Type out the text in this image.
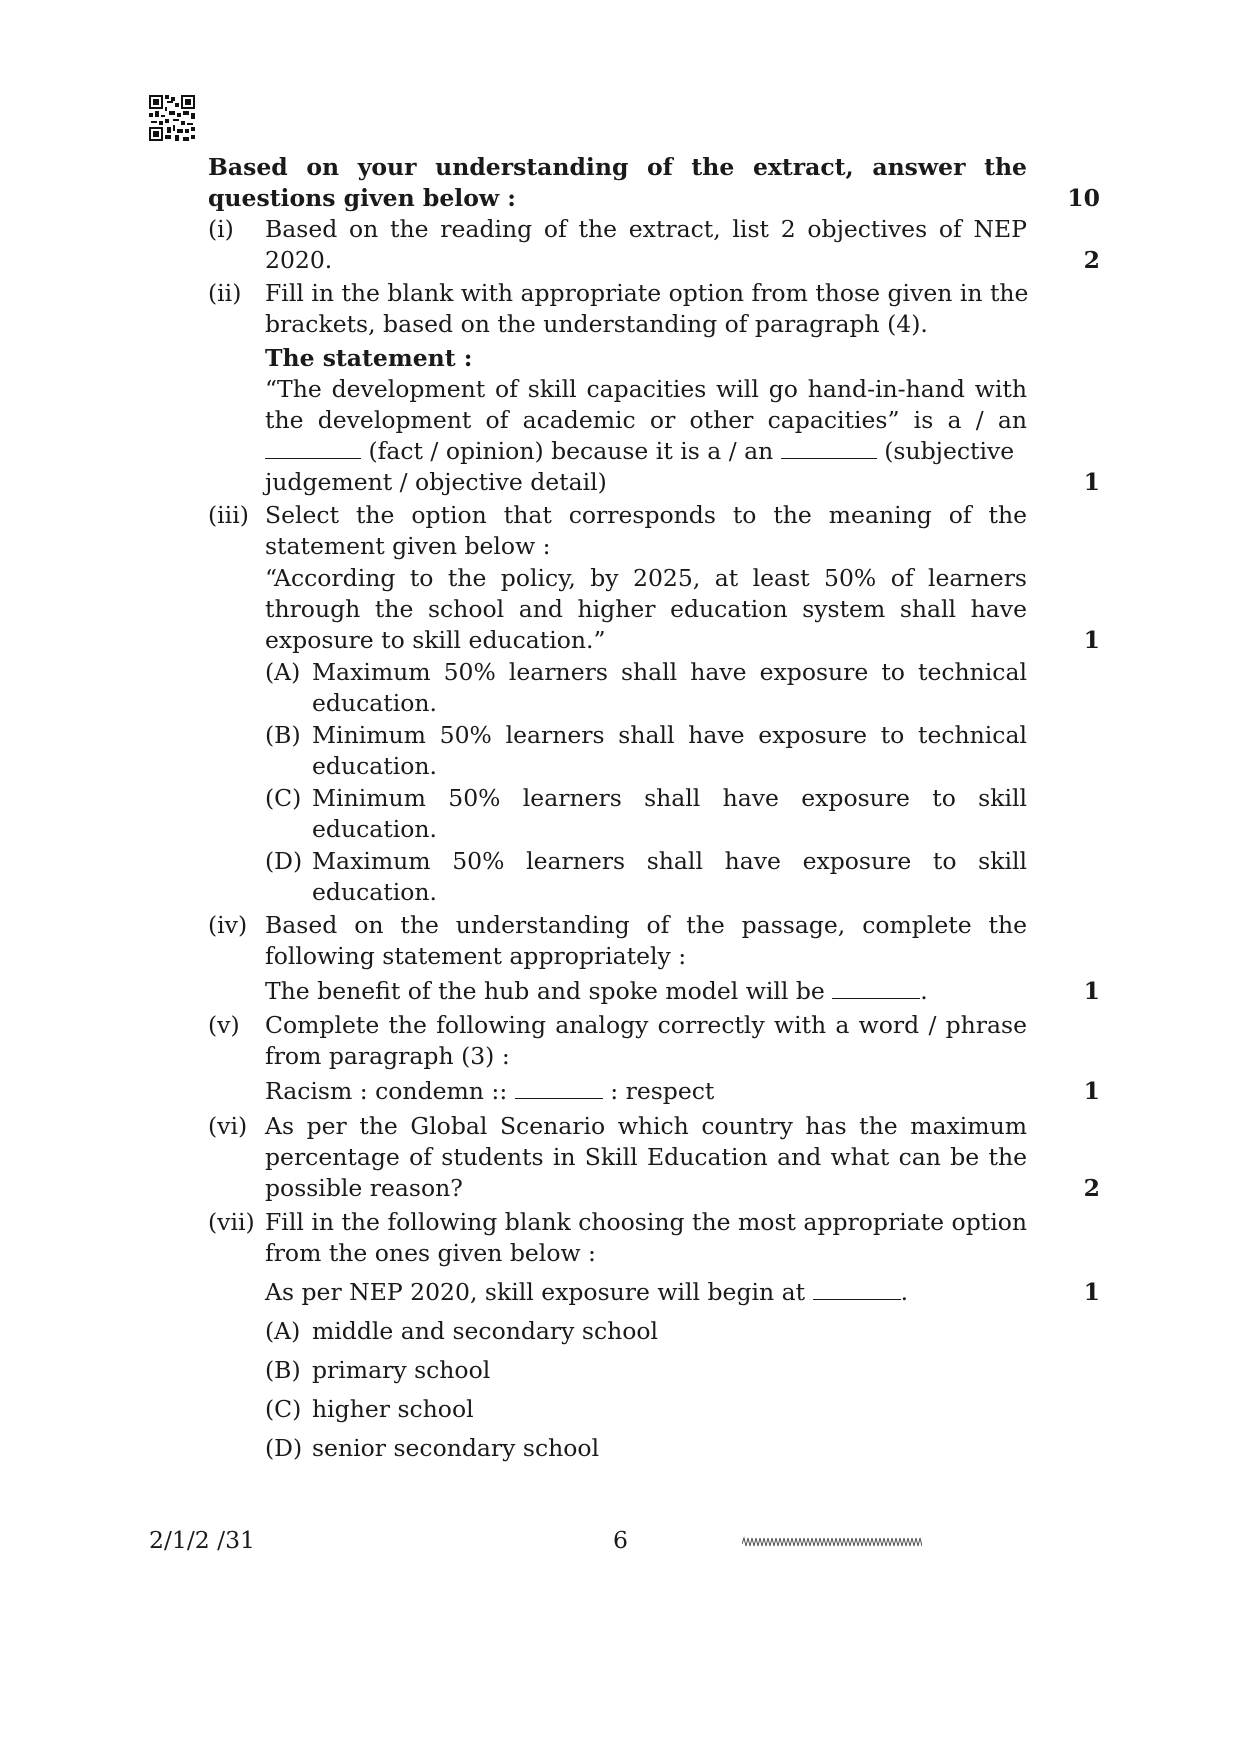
Based on your understanding of the extract, answer the
questions given below :	10
(i) Based on the reading of the extract, list 2 objectives of NEP
2020.	2
(ii) Fill in the blank with appropriate option from those given in the
brackets, based on the understanding of paragraph (4).
The statement :
“The development of skill capacities will go hand-in-hand with
the development of academic or other capacities” is a / an
(fact / opinion) because it is a / an	(subjective
judgement / objective detail)	1
(iii) Select the option that corresponds to the meaning of the
statement given below :
“According to the policy, by 2025, at least 50% of learners
through the school and higher education system shall have
exposure to skill education.”	1
(A) Maximum 50% learners shall have exposure to technical
education.
(B) Minimum 50% learners shall have exposure to technical
education.
(C) Minimum 50% learners shall have exposure to skill
education.
(D) Maximum 50% learners shall have exposure to skill
education.
(iv) Based on the understanding of the passage, complete the
following statement appropriately :
The benefit of the hub and spoke model will be	.	1
(v) Complete the following analogy correctly with a word / phrase
from paragraph (3) :
Racism : condemn ::	: respect	1
(vi) As per the Global Scenario which country has the maximum
percentage of students in Skill Education and what can be the
possible reason?	2
(vii) Fill in the following blank choosing the most appropriate option
from the ones given below :
As per NEP 2020, skill exposure will begin at	.	1
(A) middle and secondary school
(B) primary school
(C) higher school
(D) senior secondary school
2/1/2 /31	6
